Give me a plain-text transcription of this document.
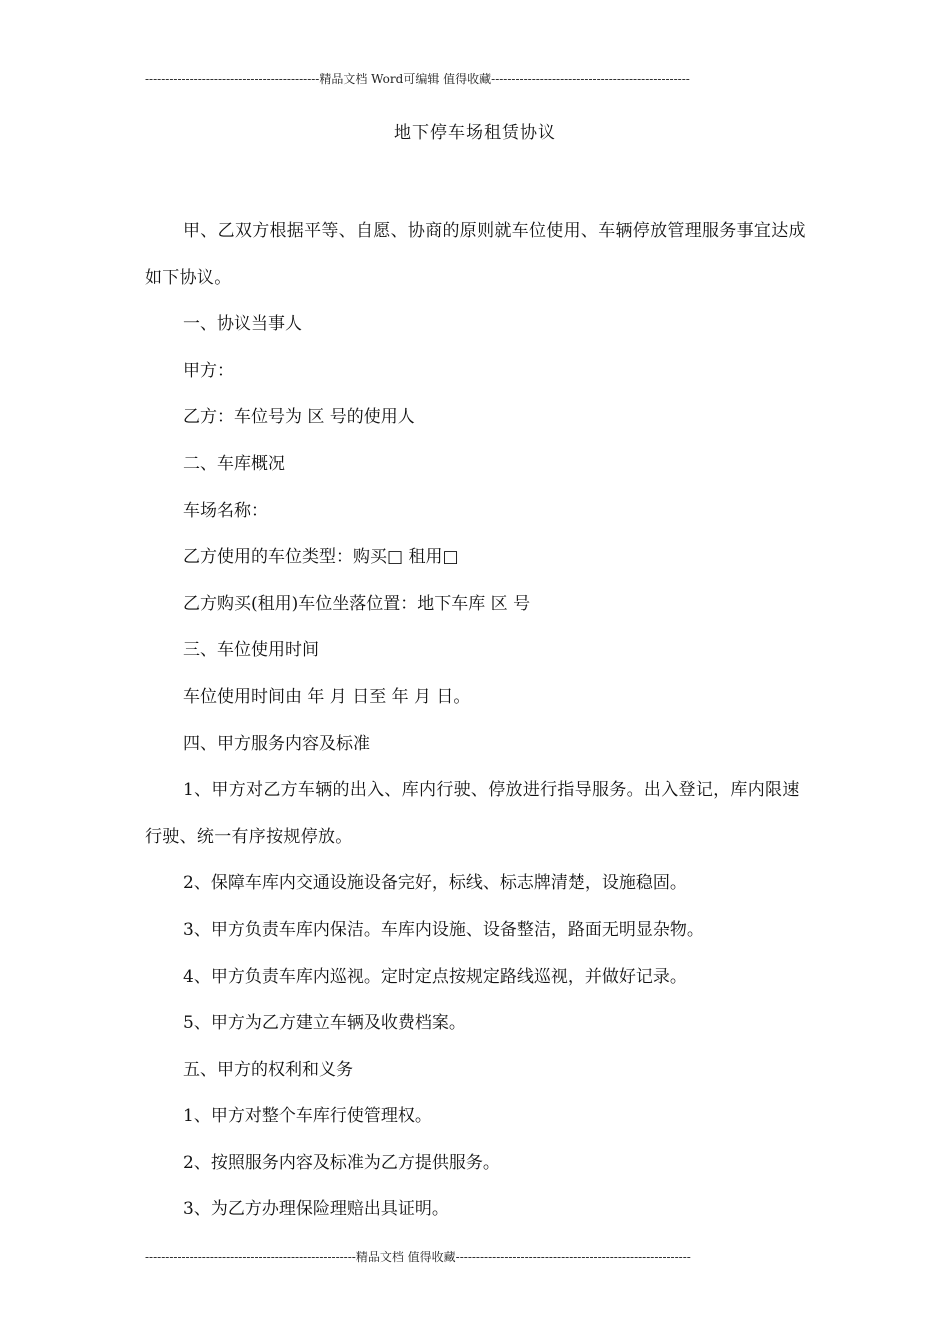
-------------------------------------------精品文档 Word可编辑 值得收藏-------------------------------------------------
地下停车场租赁协议

甲、乙双方根据平等、自愿、协商的原则就车位使用、车辆停放管理服务事宜达成如下协议。

一、协议当事人

甲方：

乙方：车位号为 区 号的使用人

二、车库概况

车场名称：

乙方使用的车位类型：购买□ 租用□

乙方购买(租用)车位坐落位置：地下车库 区 号

三、车位使用时间

车位使用时间由 年 月 日至 年 月 日。

四、甲方服务内容及标准

1、甲方对乙方车辆的出入、库内行驶、停放进行指导服务。出入登记，库内限速行驶、统一有序按规停放。

2、保障车库内交通设施设备完好，标线、标志牌清楚，设施稳固。

3、甲方负责车库内保洁。车库内设施、设备整洁，路面无明显杂物。

4、甲方负责车库内巡视。定时定点按规定路线巡视，并做好记录。

5、甲方为乙方建立车辆及收费档案。

五、甲方的权利和义务

1、甲方对整个车库行使管理权。

2、按照服务内容及标准为乙方提供服务。

3、为乙方办理保险理赔出具证明。

----------------------------------------------------精品文档 值得收藏----------------------------------------------------------
